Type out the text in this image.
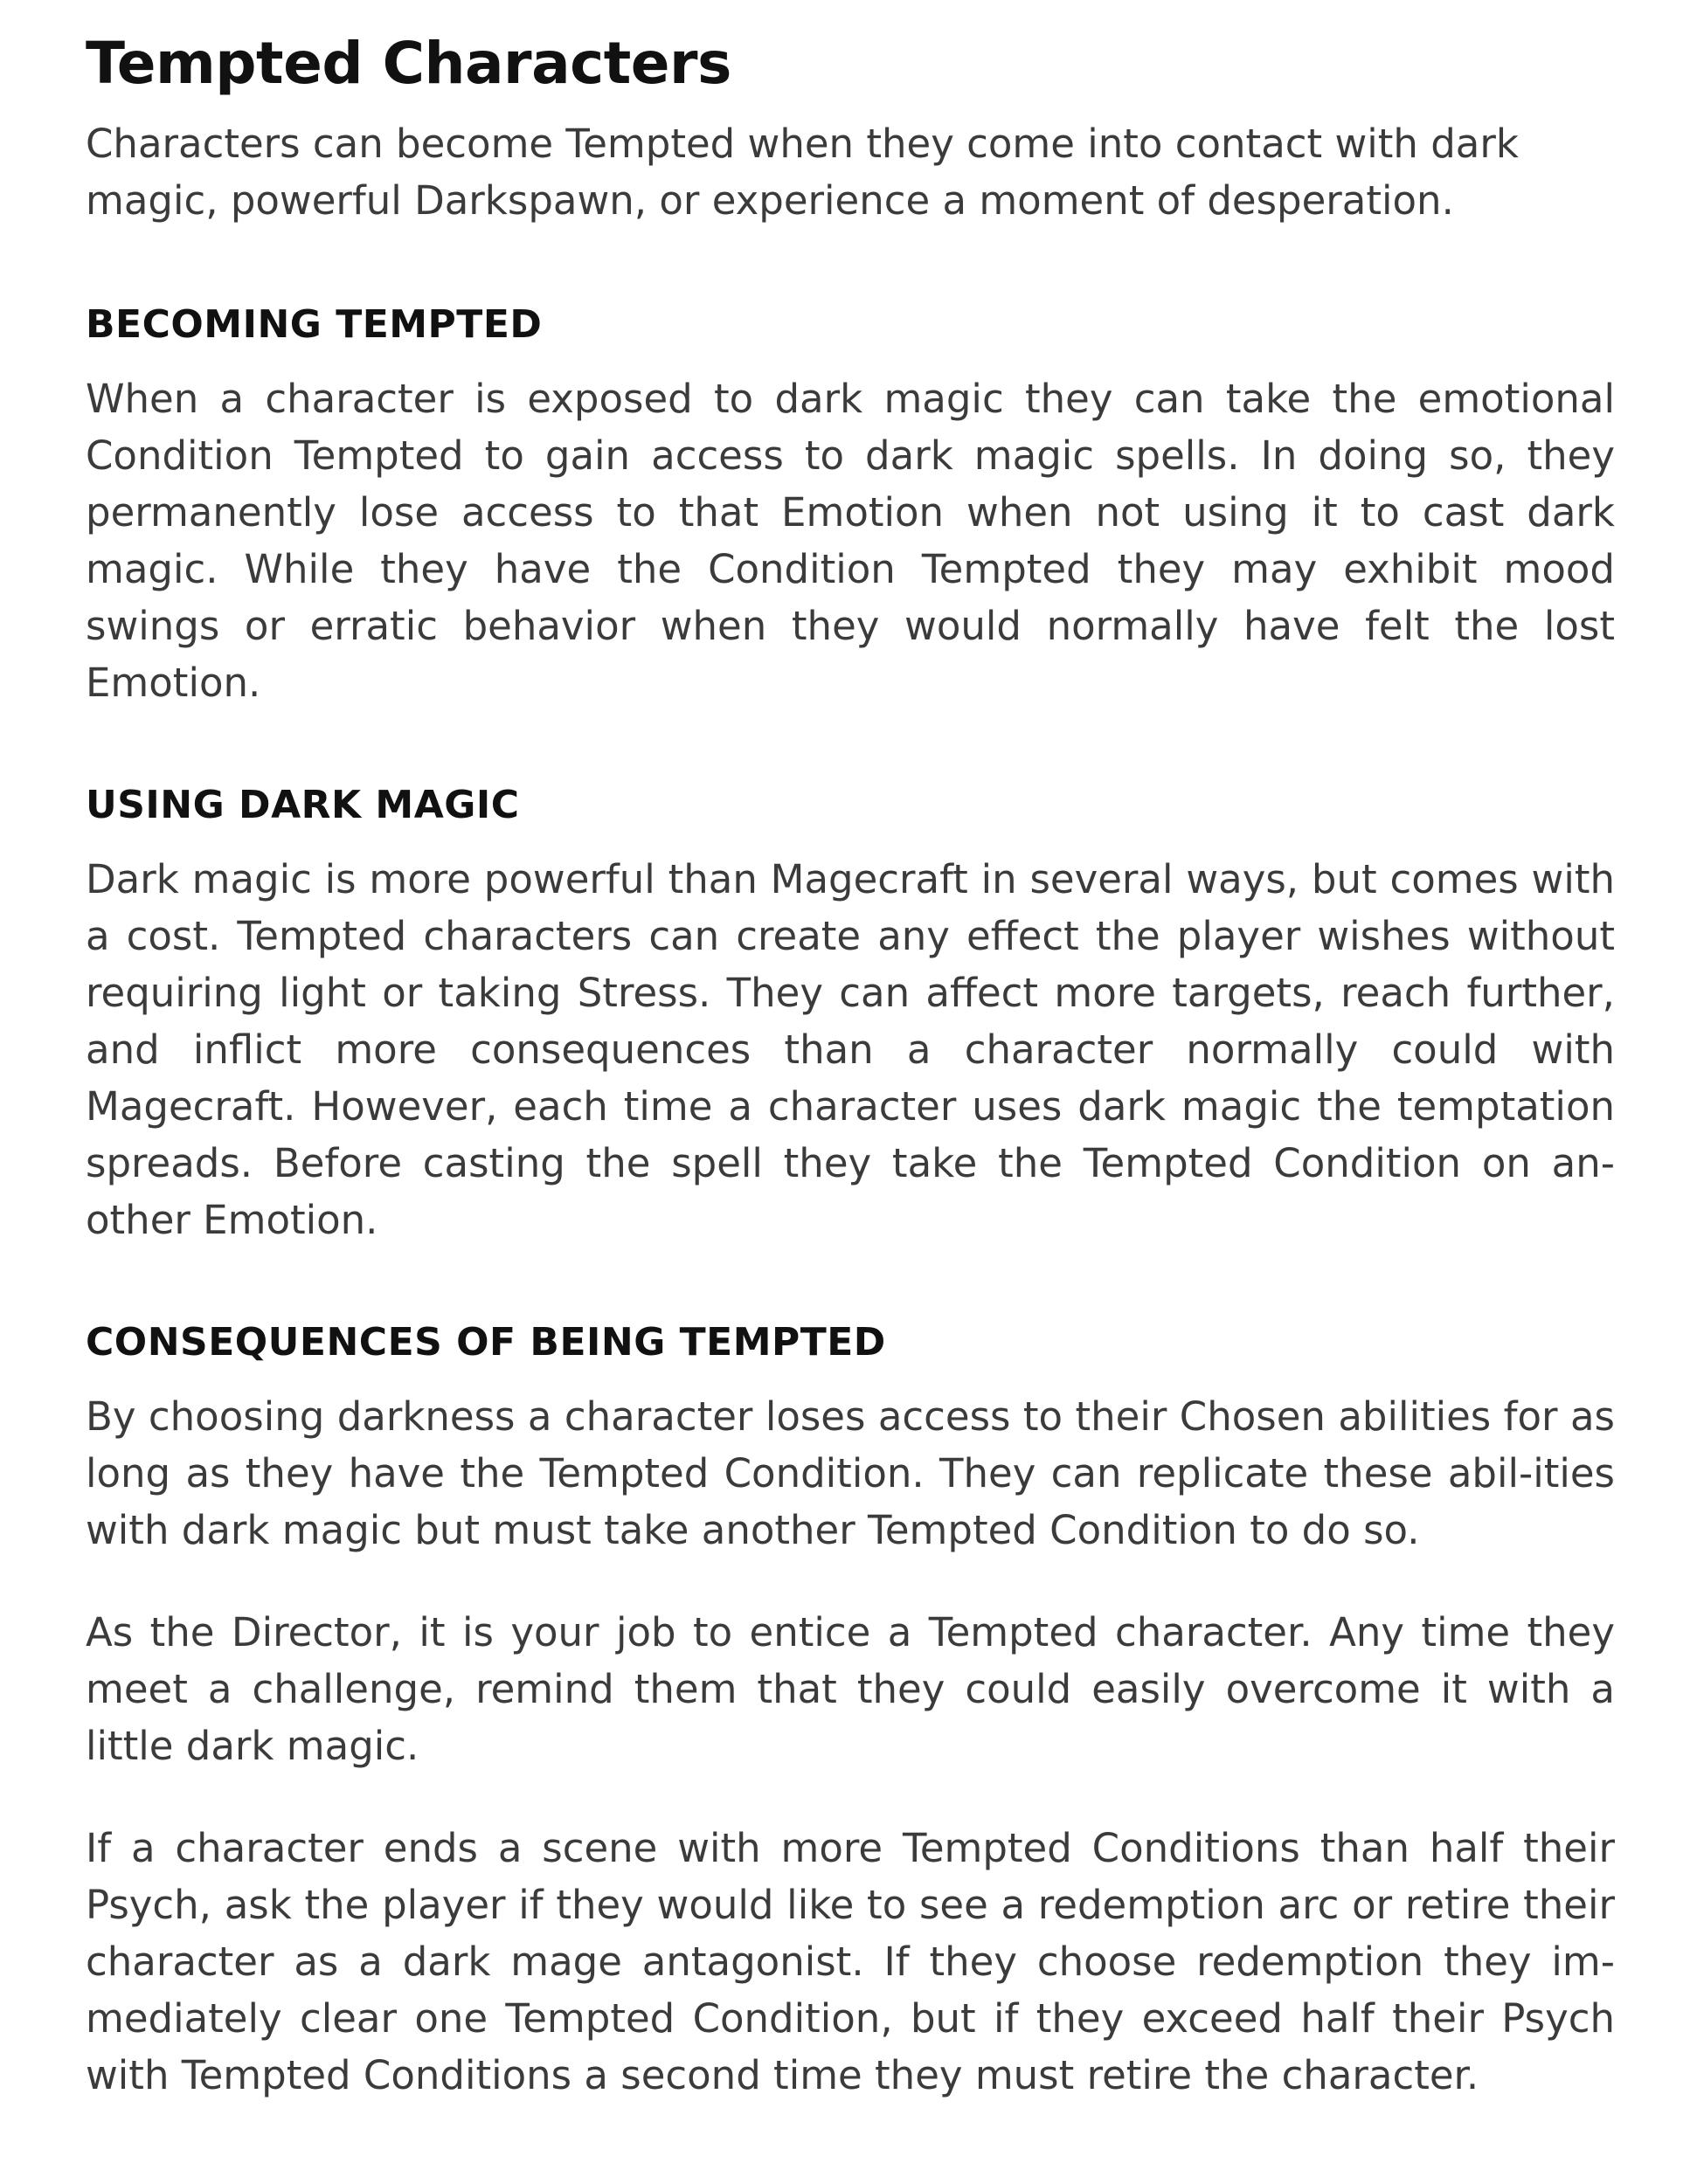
Tempted Characters

Characters can become Tempted when they come into contact with dark magic, powerful Darkspawn, or experience a moment of desperation.

BECOMING TEMPTED

When a character is exposed to dark magic they can take the emotional Condition Tempted to gain access to dark magic spells. In doing so, they permanently lose access to that Emotion when not using it to cast dark magic. While they have the Condition Tempted they may exhibit mood swings or erratic behavior when they would normally have felt the lost Emotion.

USING DARK MAGIC

Dark magic is more powerful than Magecraft in several ways, but comes with a cost. Tempted characters can create any effect the player wishes without requiring light or taking Stress. They can affect more targets, reach further, and inflict more consequences than a character normally could with Magecraft. However, each time a character uses dark magic the temptation spreads. Before casting the spell they take the Tempted Condition on an-other Emotion.

CONSEQUENCES OF BEING TEMPTED

By choosing darkness a character loses access to their Chosen abilities for as long as they have the Tempted Condition. They can replicate these abil-ities with dark magic but must take another Tempted Condition to do so.

As the Director, it is your job to entice a Tempted character. Any time they meet a challenge, remind them that they could easily overcome it with a little dark magic.

If a character ends a scene with more Tempted Conditions than half their Psych, ask the player if they would like to see a redemption arc or retire their character as a dark mage antagonist. If they choose redemption they im-mediately clear one Tempted Condition, but if they exceed half their Psych with Tempted Conditions a second time they must retire the character.
